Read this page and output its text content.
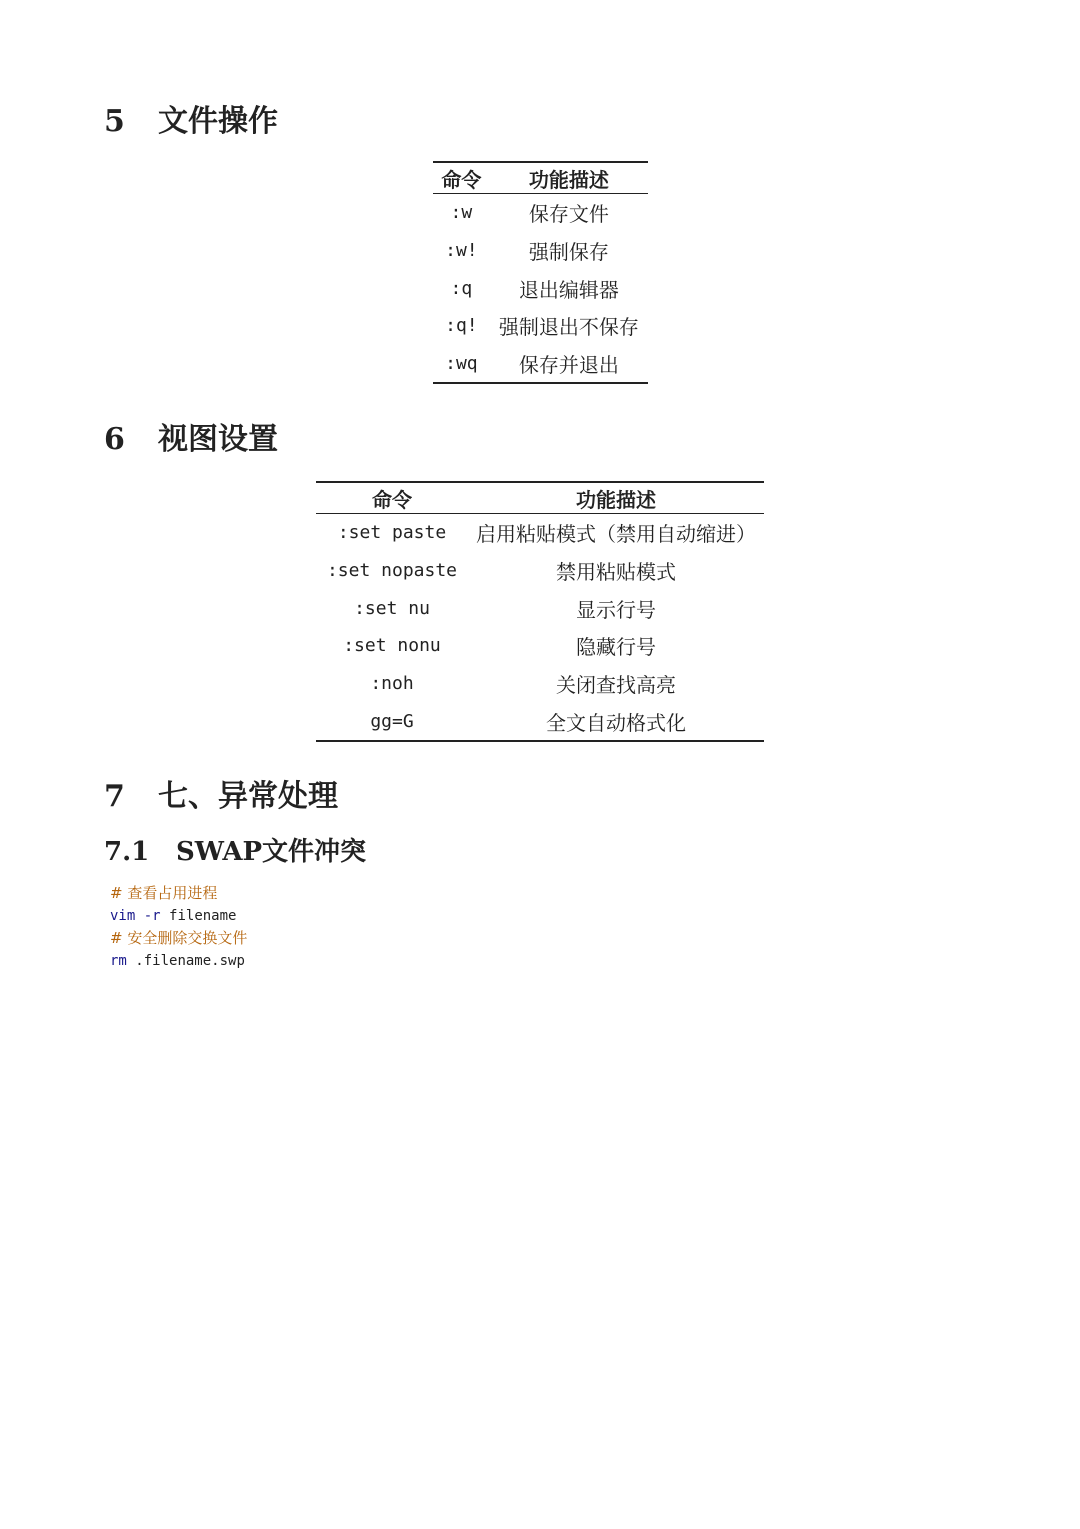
5 文件操作
命令	功能描述
:w	保存文件
:w!	强制保存
:q	退出编辑器
:q!	强制退出不保存
:wq	保存并退出
6 视图设置
命令	功能描述
:set paste	启用粘贴模式（禁用自动缩进）
:set nopaste	禁用粘贴模式
:set nu	显示行号
:set nonu	隐藏行号
:noh	关闭查找高亮
gg=G	全文自动格式化
7 七、异常处理
7.1 SWAP文件冲突
# 查看占用进程
vim -r filename
# 安全删除交换文件
rm .filename.swp
